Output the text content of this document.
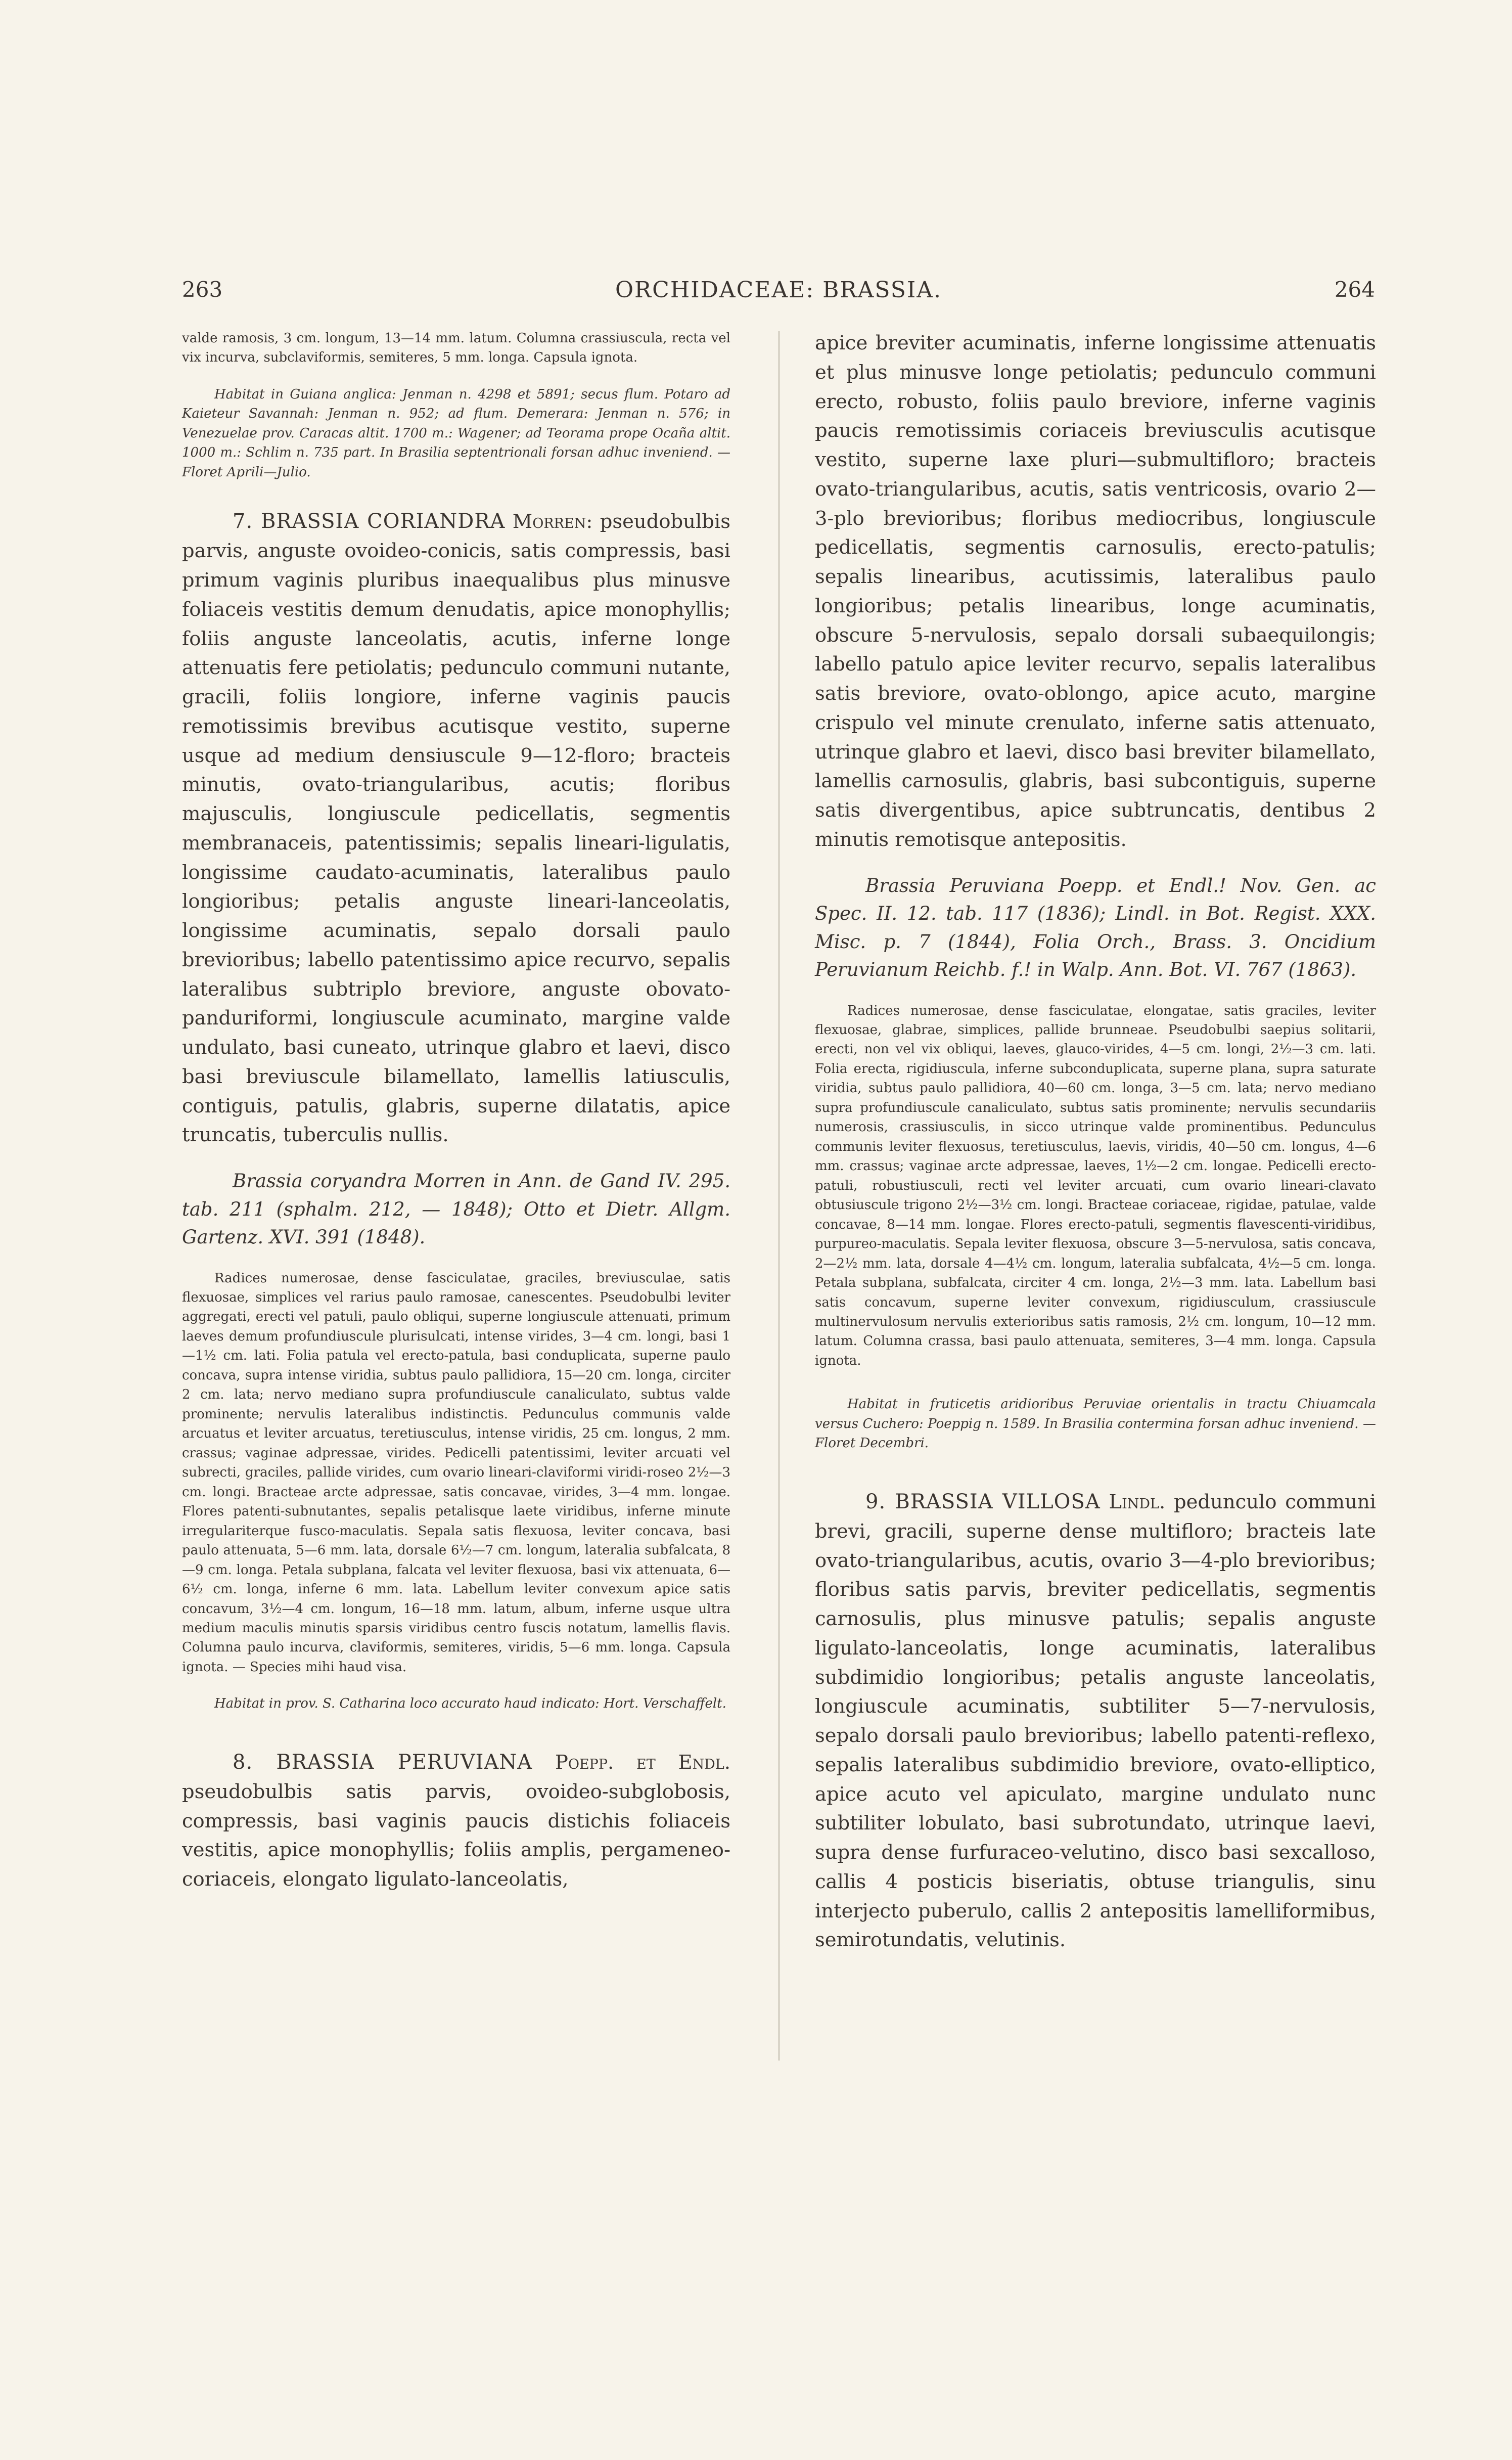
263	ORCHIDACEAE: BRASSIA.	264

valde ramosis, 3 cm. longum, 13—14 mm. latum. Columna crassiuscula, recta vel vix incurva, subclaviformis, semiteres, 5 mm. longa. Capsula ignota.

Habitat in Guiana anglica: Jenman n. 4298 et 5891; secus flum. Potaro ad Kaieteur Savannah: Jenman n. 952; ad flum. Demerara: Jenman n. 576; in Venezuelae prov. Caracas altit. 1700 m.: Wagener; ad Teorama prope Ocaña altit. 1000 m.: Schlim n. 735 part. In Brasilia septentrionali forsan adhuc inveniend. — Floret Aprili—Julio.

7. BRASSIA CORIANDRA Morren: pseudobulbis parvis, anguste ovoideo-conicis, satis compressis, basi primum vaginis pluribus inaequalibus plus minusve foliaceis vestitis demum denudatis, apice monophyllis; foliis anguste lanceolatis, acutis, inferne longe attenuatis fere petiolatis; pedunculo communi nutante, gracili, foliis longiore, inferne vaginis paucis remotissimis brevibus acutisque vestito, superne usque ad medium densiuscule 9—12-floro; bracteis minutis, ovato-triangularibus, acutis; floribus majusculis, longiuscule pedicellatis, segmentis membranaceis, patentissimis; sepalis lineari-ligulatis, longissime caudato-acuminatis, lateralibus paulo longioribus; petalis anguste lineari-lanceolatis, longissime acuminatis, sepalo dorsali paulo brevioribus; labello patentissimo apice recurvo, sepalis lateralibus subtriplo breviore, anguste obovato-panduriformi, longiuscule acuminato, margine valde undulato, basi cuneato, utrinque glabro et laevi, disco basi breviuscule bilamellato, lamellis latiusculis, contiguis, patulis, glabris, superne dilatatis, apice truncatis, tuberculis nullis.

Brassia coryandra Morren in Ann. de Gand IV. 295. tab. 211 (sphalm. 212, — 1848); Otto et Dietr. Allgm. Gartenz. XVI. 391 (1848).

Radices numerosae, dense fasciculatae, graciles, breviusculae, satis flexuosae, simplices vel rarius paulo ramosae, canescentes. Pseudobulbi leviter aggregati, erecti vel patuli, paulo obliqui, superne longiuscule attenuati, primum laeves demum profundiuscule plurisulcati, intense virides, 3—4 cm. longi, basi 1—1½ cm. lati. Folia patula vel erecto-patula, basi conduplicata, superne paulo concava, supra intense viridia, subtus paulo pallidiora, 15—20 cm. longa, circiter 2 cm. lata; nervo mediano supra profundiuscule canaliculato, subtus valde prominente; nervulis lateralibus indistinctis. Pedunculus communis valde arcuatus et leviter arcuatus, teretiusculus, intense viridis, 25 cm. longus, 2 mm. crassus; vaginae adpressae, virides. Pedicelli patentissimi, leviter arcuati vel subrecti, graciles, pallide virides, cum ovario lineari-claviformi viridi-roseo 2½—3 cm. longi. Bracteae arcte adpressae, satis concavae, virides, 3—4 mm. longae. Flores patenti-subnutantes, sepalis petalisque laete viridibus, inferne minute irregulariterque fusco-maculatis. Sepala satis flexuosa, leviter concava, basi paulo attenuata, 5—6 mm. lata, dorsale 6½—7 cm. longum, lateralia subfalcata, 8—9 cm. longa. Petala subplana, falcata vel leviter flexuosa, basi vix attenuata, 6—6½ cm. longa, inferne 6 mm. lata. Labellum leviter convexum apice satis concavum, 3½—4 cm. longum, 16—18 mm. latum, album, inferne usque ultra medium maculis minutis sparsis viridibus centro fuscis notatum, lamellis flavis. Columna paulo incurva, claviformis, semiteres, viridis, 5—6 mm. longa. Capsula ignota. — Species mihi haud visa.

Habitat in prov. S. Catharina loco accurato haud indicato: Hort. Verschaffelt.

8. BRASSIA PERUVIANA Poepp. et Endl. pseudobulbis satis parvis, ovoideo-subglobosis, compressis, basi vaginis paucis distichis foliaceis vestitis, apice monophyllis; foliis amplis, pergameneo-coriaceis, elongato ligulato-lanceolatis,

apice breviter acuminatis, inferne longissime attenuatis et plus minusve longe petiolatis; pedunculo communi erecto, robusto, foliis paulo breviore, inferne vaginis paucis remotissimis coriaceis breviusculis acutisque vestito, superne laxe pluri—submultifloro; bracteis ovato-triangularibus, acutis, satis ventricosis, ovario 2—3-plo brevioribus; floribus mediocribus, longiuscule pedicellatis, segmentis carnosulis, erecto-patulis; sepalis linearibus, acutissimis, lateralibus paulo longioribus; petalis linearibus, longe acuminatis, obscure 5-nervulosis, sepalo dorsali subaequilongis; labello patulo apice leviter recurvo, sepalis lateralibus satis breviore, ovato-oblongo, apice acuto, margine crispulo vel minute crenulato, inferne satis attenuato, utrinque glabro et laevi, disco basi breviter bilamellato, lamellis carnosulis, glabris, basi subcontiguis, superne satis divergentibus, apice subtruncatis, dentibus 2 minutis remotisque antepositis.

Brassia Peruviana Poepp. et Endl.! Nov. Gen. ac Spec. II. 12. tab. 117 (1836); Lindl. in Bot. Regist. XXX. Misc. p. 7 (1844), Folia Orch., Brass. 3. Oncidium Peruvianum Reichb. f.! in Walp. Ann. Bot. VI. 767 (1863).

Radices numerosae, dense fasciculatae, elongatae, satis graciles, leviter flexuosae, glabrae, simplices, pallide brunneae. Pseudobulbi saepius solitarii, erecti, non vel vix obliqui, laeves, glauco-virides, 4—5 cm. longi, 2½—3 cm. lati. Folia erecta, rigidiuscula, inferne subconduplicata, superne plana, supra saturate viridia, subtus paulo pallidiora, 40—60 cm. longa, 3—5 cm. lata; nervo mediano supra profundiuscule canaliculato, subtus satis prominente; nervulis secundariis numerosis, crassiusculis, in sicco utrinque valde prominentibus. Pedunculus communis leviter flexuosus, teretiusculus, laevis, viridis, 40—50 cm. longus, 4—6 mm. crassus; vaginae arcte adpressae, laeves, 1½—2 cm. longae. Pedicelli erecto-patuli, robustiusculi, recti vel leviter arcuati, cum ovario lineari-clavato obtusiuscule trigono 2½—3½ cm. longi. Bracteae coriaceae, rigidae, patulae, valde concavae, 8—14 mm. longae. Flores erecto-patuli, segmentis flavescenti-viridibus, purpureo-maculatis. Sepala leviter flexuosa, obscure 3—5-nervulosa, satis concava, 2—2½ mm. lata, dorsale 4—4½ cm. longum, lateralia subfalcata, 4½—5 cm. longa. Petala subplana, subfalcata, circiter 4 cm. longa, 2½—3 mm. lata. Labellum basi satis concavum, superne leviter convexum, rigidiusculum, crassiuscule multinervulosum nervulis exterioribus satis ramosis, 2½ cm. longum, 10—12 mm. latum. Columna crassa, basi paulo attenuata, semiteres, 3—4 mm. longa. Capsula ignota.

Habitat in fruticetis aridioribus Peruviae orientalis in tractu Chiuamcala versus Cuchero: Poeppig n. 1589. In Brasilia contermina forsan adhuc inveniend. — Floret Decembri.

9. BRASSIA VILLOSA Lindl. pedunculo communi brevi, gracili, superne dense multifloro; bracteis late ovato-triangularibus, acutis, ovario 3—4-plo brevioribus; floribus satis parvis, breviter pedicellatis, segmentis carnosulis, plus minusve patulis; sepalis anguste ligulato-lanceolatis, longe acuminatis, lateralibus subdimidio longioribus; petalis anguste lanceolatis, longiuscule acuminatis, subtiliter 5—7-nervulosis, sepalo dorsali paulo brevioribus; labello patenti-reflexo, sepalis lateralibus subdimidio breviore, ovato-elliptico, apice acuto vel apiculato, margine undulato nunc subtiliter lobulato, basi subrotundato, utrinque laevi, supra dense furfuraceo-velutino, disco basi sexcalloso, callis 4 posticis biseriatis, obtuse triangulis, sinu interjecto puberulo, callis 2 antepositis lamelliformibus, semirotundatis, velutinis.
